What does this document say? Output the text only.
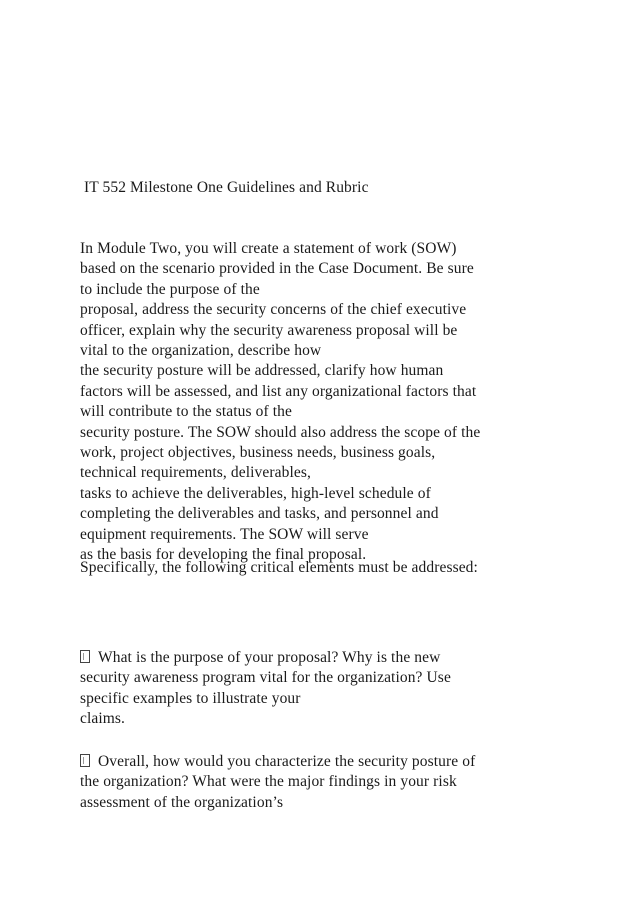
IT 552 Milestone One Guidelines and Rubric

In Module Two, you will create a statement of work (SOW)
based on the scenario provided in the Case Document. Be sure
to include the purpose of the
proposal, address the security concerns of the chief executive
officer, explain why the security awareness proposal will be
vital to the organization, describe how
the security posture will be addressed, clarify how human
factors will be assessed, and list any organizational factors that
will contribute to the status of the
security posture. The SOW should also address the scope of the
work, project objectives, business needs, business goals,
technical requirements, deliverables,
tasks to achieve the deliverables, high-level schedule of
completing the deliverables and tasks, and personnel and
equipment requirements. The SOW will serve
as the basis for developing the final proposal.

Specifically, the following critical elements must be addressed:

What is the purpose of your proposal? Why is the new
security awareness program vital for the organization? Use
specific examples to illustrate your
claims.

Overall, how would you characterize the security posture of
the organization? What were the major findings in your risk
assessment of the organization’s
